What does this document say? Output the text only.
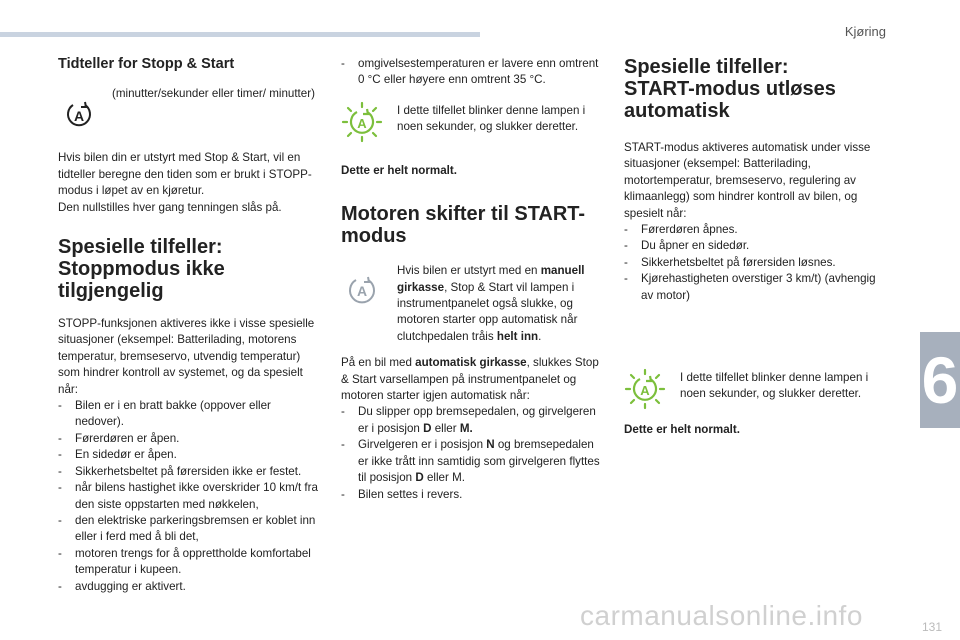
Kjøring
6
Tidteller for Stopp & Start
A

(minutter/sekunder eller timer/ minutter)

Hvis bilen din er utstyrt med Stop & Start, vil en tidteller beregne den tiden som er brukt i STOPP-modus i løpet av en kjøretur.

Den nullstilles hver gang tenningen slås på.

Spesielle tilfeller:
Stoppmodus ikke tilgjengelig

STOPP-funksjonen aktiveres ikke i visse spesielle situasjoner (eksempel: Batterilading, motorens temperatur, bremseservo, utvendig temperatur) som hindrer kontroll av systemet, og da spesielt når:

-	Bilen er i en bratt bakke (oppover eller nedover).
-	Førerdøren er åpen.
-	En sidedør er åpen.
-	Sikkerhetsbeltet på førersiden ikke er festet.
-	når bilens hastighet ikke overskrider 10 km/t fra den siste oppstarten med nøkkelen,
-	den elektriske parkeringsbremsen er koblet inn eller i ferd med å bli det,
-	motoren trengs for å opprettholde komfortabel temperatur i kupeen.
-	avdugging er aktivert.
-	omgivelsestemperaturen er lavere enn omtrent 0 °C eller høyere enn omtrent 35 °C.
A

I dette tilfellet blinker denne lampen i noen sekunder, og slukker deretter.

Dette er helt normalt.

Motoren skifter til START-
modus
A

Hvis bilen er utstyrt med en manuell girkasse, Stop & Start vil lampen i instrumentpanelet også slukke, og motoren starter opp automatisk når clutchpedalen tråis helt inn.

På en bil med automatisk girkasse, slukkes Stop & Start varsellampen på instrumentpanelet og motoren starter igjen automatisk når:

-	Du slipper opp bremsepedalen, og girvelgeren er i posisjon D eller M.
-	Girvelgeren er i posisjon N og bremsepedalen er ikke trått inn samtidig som girvelgeren flyttes til posisjon D eller M.
-	Bilen settes i revers.
Spesielle tilfeller:
START-modus utløses
automatisk

START-modus aktiveres automatisk under visse situasjoner (eksempel: Batterilading, motortemperatur, bremseservo, regulering av klimaanlegg) som hindrer kontroll av bilen, og spesielt når:

-	Førerdøren åpnes.
-	Du åpner en sidedør.
-	Sikkerhetsbeltet på førersiden løsnes.
-	Kjørehastigheten overstiger 3 km/t) (avhengig av motor)
A

I dette tilfellet blinker denne lampen i noen sekunder, og slukker deretter.

Dette er helt normalt.

carmanualsonline.info	131
